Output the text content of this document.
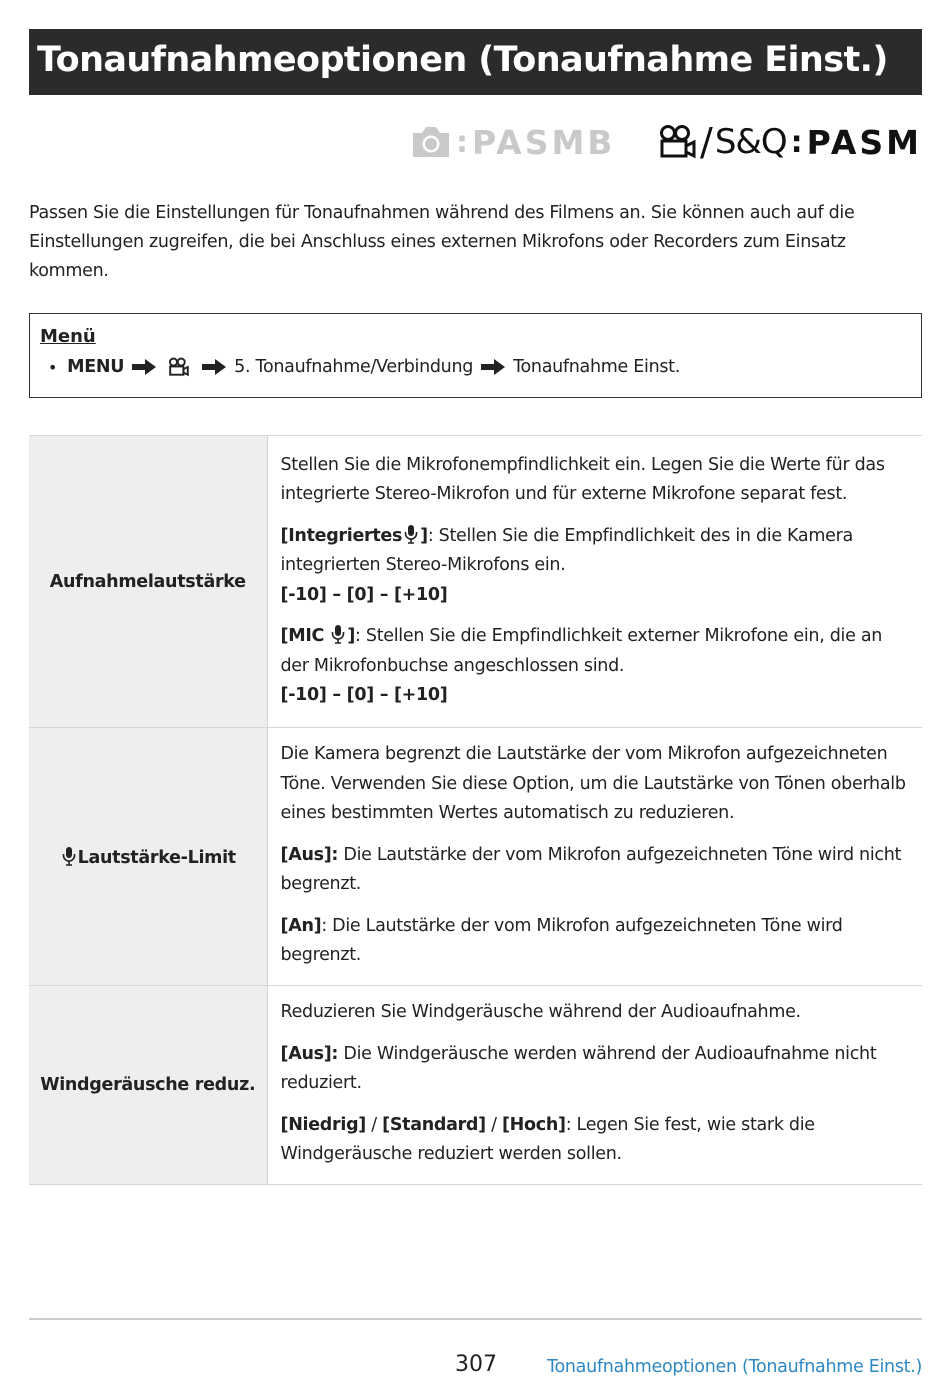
Tonaufnahmeoptionen (Tonaufnahme Einst.)
: PASMB / S&Q : PASM

Passen Sie die Einstellungen für Tonaufnahmen während des Filmens an. Sie können auch auf die Einstellungen zugreifen, die bei Anschluss eines externen Mikrofons oder Recorders zum Einsatz kommen.

Menü
• MENU	5. Tonaufnahme/Verbindung Tonaufnahme Einst.
Aufnahmelautstärke	Stellen Sie die Mikrofonempfindlichkeit ein. Legen Sie die Werte für das integrierte Stereo-Mikrofon und für externe Mikrofone separat fest.

[Integriertes ]: Stellen Sie die Empfindlichkeit des in die Kamera integrierten Stereo-Mikrofons ein.
[-10] – [0] – [+10]

[MIC ]: Stellen Sie die Empfindlichkeit externer Mikrofone ein, die an der Mikrofonbuchse angeschlossen sind.
[-10] – [0] – [+10]

Lautstärke-Limit	Die Kamera begrenzt die Lautstärke der vom Mikrofon aufgezeichneten Töne. Verwenden Sie diese Option, um die Lautstärke von Tönen oberhalb eines bestimmten Wertes automatisch zu reduzieren.

[Aus]: Die Lautstärke der vom Mikrofon aufgezeichneten Töne wird nicht begrenzt.

[An]: Die Lautstärke der vom Mikrofon aufgezeichneten Töne wird begrenzt.

Windgeräusche reduz.	Reduzieren Sie Windgeräusche während der Audioaufnahme.

[Aus]: Die Windgeräusche werden während der Audioaufnahme nicht reduziert.

[Niedrig] / [Standard] / [Hoch]: Legen Sie fest, wie stark die Windgeräusche reduziert werden sollen.

307	Tonaufnahmeoptionen (Tonaufnahme Einst.)
